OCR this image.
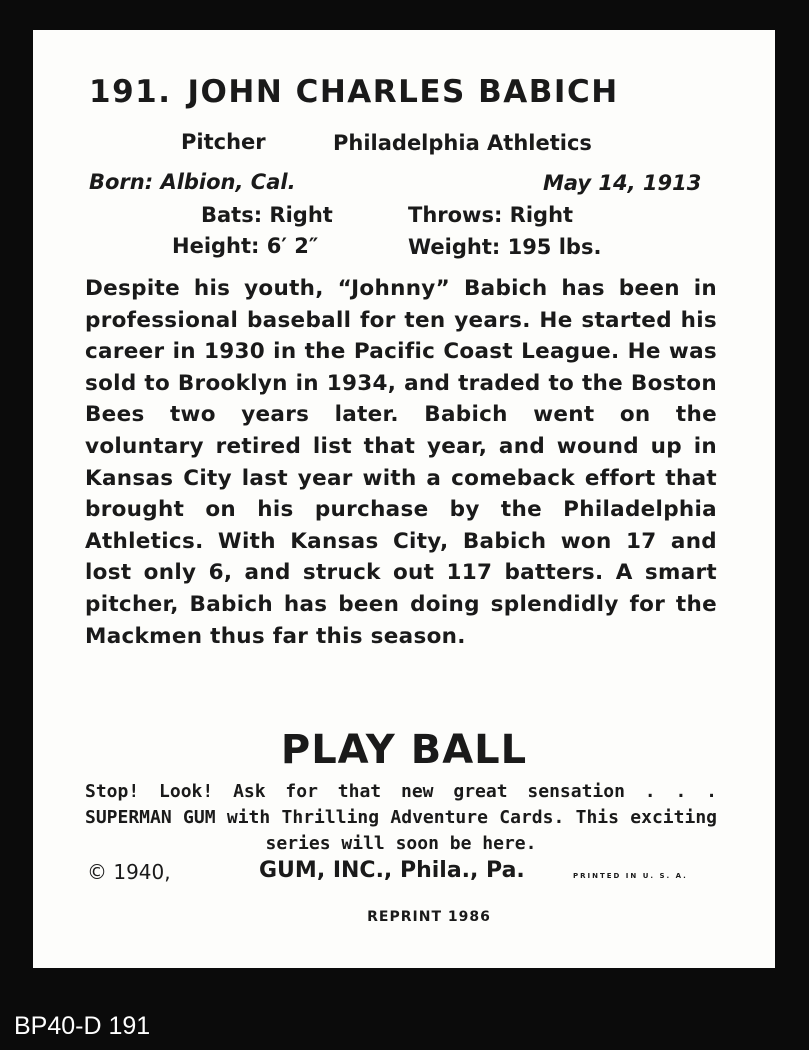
191. JOHN CHARLES BABICH
Pitcher	Philadelphia Athletics
Born: Albion, Cal.	May 14, 1913
Bats: Right	Throws: Right
Height: 6′ 2″	Weight: 195 lbs.
Despite his youth, “Johnny” Babich has been in professional baseball for ten years. He started his career in 1930 in the Pacific Coast League. He was sold to Brooklyn in 1934, and traded to the Boston Bees two years later. Babich went on the voluntary retired list that year, and wound up in Kansas City last year with a comeback effort that brought on his purchase by the Philadelphia Athletics. With Kansas City, Babich won 17 and lost only 6, and struck out 117 batters. A smart pitcher, Babich has been doing splendidly for the Mackmen thus far this season.
PLAY BALL
Stop! Look! Ask for that new great sensation . . . SUPERMAN GUM with Thrilling Adventure Cards. This exciting series will soon be here.
© 1940,	GUM, INC., Phila., Pa.	PRINTED IN U. S. A.
REPRINT 1986
BP40-D 191
